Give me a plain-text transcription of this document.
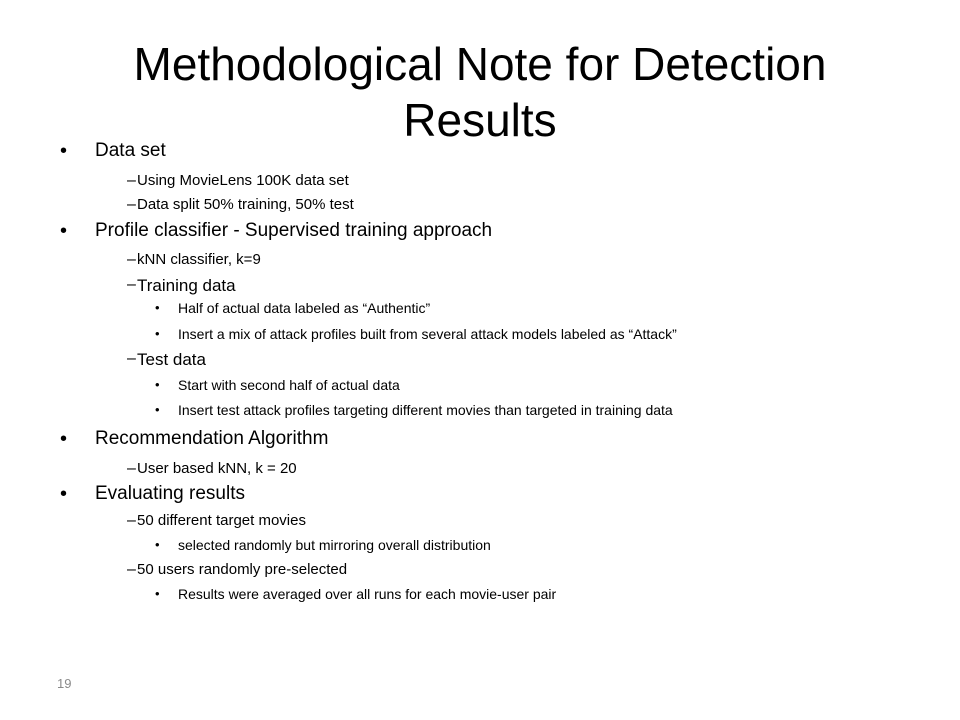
Methodological Note for Detection Results
• Data set
– Using MovieLens 100K data set
– Data split 50% training, 50% test
• Profile classifier - Supervised training approach
– kNN classifier, k=9
– Training data
• Half of actual data labeled as “Authentic”
• Insert a mix of attack profiles built from several attack models labeled as “Attack”
– Test data
• Start with second half of actual data
• Insert test attack profiles targeting different movies than targeted in training data
• Recommendation Algorithm
– User based kNN, k = 20
• Evaluating results
– 50 different target movies
• selected randomly but mirroring overall distribution
– 50 users randomly pre-selected
• Results were averaged over all runs for each movie-user pair
19
